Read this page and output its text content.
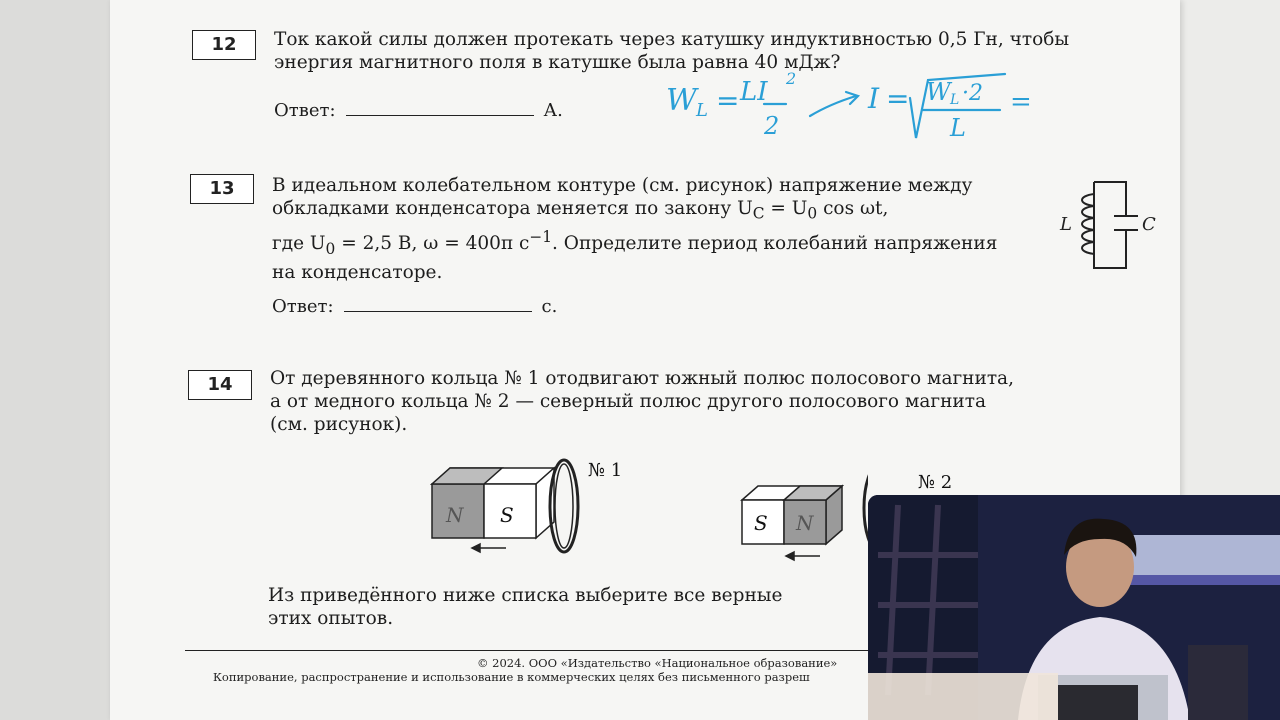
12	Ток какой силы должен протекать через катушку индуктивностью 0,5 Гн, чтобы
энергия магнитного поля в катушке была равна 40 мДж?
Ответ:	А.	W L = LI 2
2
I = W L ·2
L
=
13	В идеальном колебательном контуре (см. рисунок) напряжение между
обкладками конденсатора меняется по закону $U_C = U_0$ cos ωt,
где $U_0 = 2,5$ В, ω = 400π $с^{-1}$. Определите период колебаний напряжения
на конденсаторе.
L	C
Ответ:	с.
14	От деревянного кольца № 1 отодвигают южный полюс полосового магнита,
а от медного кольца № 2 — северный полюс другого полосового магнита
(см. рисунок).
N S
№ 1
S N
№ 2
Из приведённого ниже списка выберите все верные
этих опытов.
© 2024. ООО «Издательство «Национальное образование»
Копирование, распространение и использование в коммерческих целях без письменного разреш
